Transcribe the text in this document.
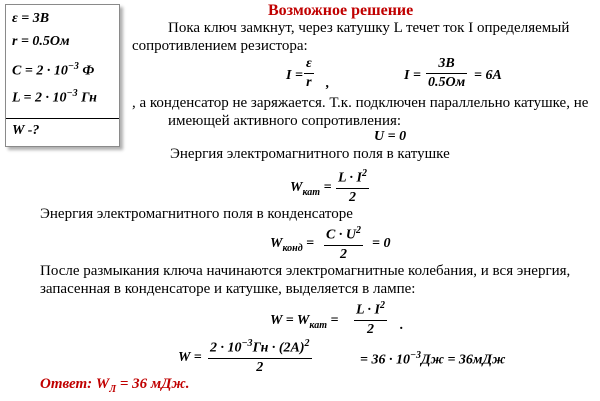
ε = 3В
r = 0.5Ом
$C = 2 \cdot 10^{-3}$ Ф
$L = 2 \cdot 10^{-3}$ Гн
W -?
Возможное решение
Пока ключ замкнут, через катушку L течет ток I определяемый
сопротивлением резистора:
I =
ε
r ,
I =
3В
0.5Ом = 6А
, а конденсатор не заряжается. Т.к. подключен параллельно катушке, не
имеющей активного сопротивления:
U = 0
Энергия электромагнитного поля в катушке
$W_{кат}$ =
$L \cdot I^2$
2
Энергия электромагнитного поля в конденсаторе
$W_{конд}$ =
$C \cdot U^2$
2
= 0
После размыкания ключа начинаются электромагнитные колебания, и вся энергия,
запасенная в конденсаторе и катушке, выделяется в лампе:
$W = W_{кат}$ =
$L \cdot I^2$
2 .
W =
$2 \cdot 10^{-3}Гн \cdot (2А)^2$
2	= $36 \cdot 10^{-3}Дж = 36мДж$
Ответ: $W_Л = 36$ мДж.
